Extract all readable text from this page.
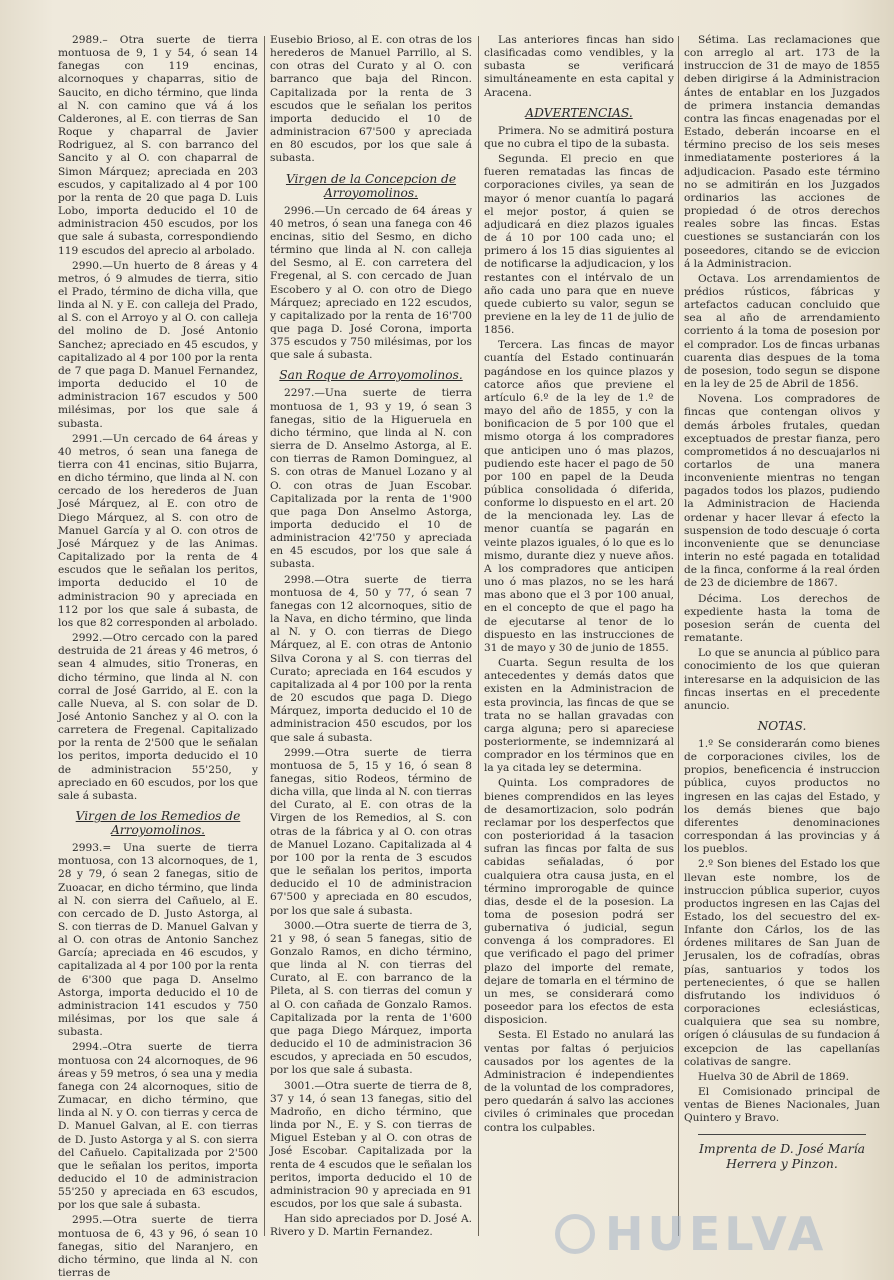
2989.– Otra suerte de tierra montuosa de 9, 1 y 54, ó sean 14 fanegas con 119 encinas, alcornoques y chaparras, sitio de Saucito, en dicho término, que linda al N. con camino que vá á los Calderones, al E. con tierras de San Roque y chaparral de Javier Rodriguez, al S. con barranco del Sancito y al O. con chaparral de Simon Márquez; apreciada en 203 escudos, y capitalizado al 4 por 100 por la renta de 20 que paga D. Luis Lobo, importa deducido el 10 de administracion 450 escudos, por los que sale á subasta, correspondiendo 119 escudos del aprecio al arbolado.

2990.—Un huerto de 8 áreas y 4 metros, ó 9 almudes de tierra, sitio el Prado, término de dicha villa, que linda al N. y E. con calleja del Prado, al S. con el Arroyo y al O. con calleja del molino de D. José Antonio Sanchez; apreciado en 45 escudos, y capitalizado al 4 por 100 por la renta de 7 que paga D. Manuel Fernandez, importa deducido el 10 de administracion 167 escudos y 500 milésimas, por los que sale á subasta.

2991.—Un cercado de 64 áreas y 40 metros, ó sean una fanega de tierra con 41 encinas, sitio Bujarra, en dicho término, que linda al N. con cercado de los herederos de Juan José Márquez, al E. con otro de Diego Márquez, al S. con otro de Manuel García y al O. con otros de José Márquez y de las Animas. Capitalizado por la renta de 4 escudos que le señalan los peritos, importa deducido el 10 de administracion 90 y apreciada en 112 por los que sale á subasta, de los que 82 corresponden al arbolado.

2992.—Otro cercado con la pared destruida de 21 áreas y 46 metros, ó sean 4 almudes, sitio Troneras, en dicho término, que linda al N. con corral de José Garrido, al E. con la calle Nueva, al S. con solar de D. José Antonio Sanchez y al O. con la carretera de Fregenal. Capitalizado por la renta de 2'500 que le señalan los peritos, importa deducido el 10 de administracion 55'250, y apreciado en 60 escudos, por los que sale á subasta.

Virgen de los Remedios de Arroyomolinos.

2993.= Una suerte de tierra montuosa, con 13 alcornoques, de 1, 28 y 79, ó sean 2 fanegas, sitio de Zuoacar, en dicho término, que linda al N. con sierra del Cañuelo, al E. con cercado de D. Justo Astorga, al S. con tierras de D. Manuel Galvan y al O. con otras de Antonio Sanchez García; apreciada en 46 escudos, y capitalizada al 4 por 100 por la renta de 6'300 que paga D. Anselmo Astorga, importa deducido el 10 de administracion 141 escudos y 750 milésimas, por los que sale á subasta.

2994.–Otra suerte de tierra montuosa con 24 alcornoques, de 96 áreas y 59 metros, ó sea una y media fanega con 24 alcornoques, sitio de Zumacar, en dicho término, que linda al N. y O. con tierras y cerca de D. Manuel Galvan, al E. con tierras de D. Justo Astorga y al S. con sierra del Cañuelo. Capitalizada por 2'500 que le señalan los peritos, importa deducido el 10 de administracion 55'250 y apreciada en 63 escudos, por los que sale á subasta.

2995.—Otra suerte de tierra montuosa de 6, 43 y 96, ó sean 10 fanegas, sitio del Naranjero, en dicho término, que linda al N. con tierras de

Eusebio Brioso, al E. con otras de los herederos de Manuel Parrillo, al S. con otras del Curato y al O. con barranco que baja del Rincon. Capitalizada por la renta de 3 escudos que le señalan los peritos importa deducido el 10 de administracion 67'500 y apreciada en 80 escudos, por los que sale á subasta.

Virgen de la Concepcion de Arroyomolinos.

2996.—Un cercado de 64 áreas y 40 metros, ó sean una fanega con 46 encinas, sitio del Sesmo, en dicho término que linda al N. con calleja del Sesmo, al E. con carretera del Fregenal, al S. con cercado de Juan Escobero y al O. con otro de Diego Márquez; apreciado en 122 escudos, y capitalizado por la renta de 16'700 que paga D. José Corona, importa 375 escudos y 750 milésimas, por los que sale á subasta.

San Roque de Arroyomolinos.

2297.—Una suerte de tierra montuosa de 1, 93 y 19, ó sean 3 fanegas, sitio de la Higueruela en dicho término, que linda al N. con sierra de D. Anselmo Astorga, al E. con tierras de Ramon Dominguez, al S. con otras de Manuel Lozano y al O. con otras de Juan Escobar. Capitalizada por la renta de 1'900 que paga Don Anselmo Astorga, importa deducido el 10 de administracion 42'750 y apreciada en 45 escudos, por los que sale á subasta.

2998.—Otra suerte de tierra montuosa de 4, 50 y 77, ó sean 7 fanegas con 12 alcornoques, sitio de la Nava, en dicho término, que linda al N. y O. con tierras de Diego Márquez, al E. con otras de Antonio Silva Corona y al S. con tierras del Curato; apreciada en 164 escudos y capitalizada al 4 por 100 por la renta de 20 escudos que paga D. Diego Márquez, importa deducido el 10 de administracion 450 escudos, por los que sale á subasta.

2999.—Otra suerte de tierra montuosa de 5, 15 y 16, ó sean 8 fanegas, sitio Rodeos, término de dicha villa, que linda al N. con tierras del Curato, al E. con otras de la Virgen de los Remedios, al S. con otras de la fábrica y al O. con otras de Manuel Lozano. Capitalizada al 4 por 100 por la renta de 3 escudos que le señalan los peritos, importa deducido el 10 de administracion 67'500 y apreciada en 80 escudos, por los que sale á subasta.

3000.—Otra suerte de tierra de 3, 21 y 98, ó sean 5 fanegas, sitio de Gonzalo Ramos, en dicho término, que linda al N. con tierras del Curato, al E. con barranco de la Pileta, al S. con tierras del comun y al O. con cañada de Gonzalo Ramos. Capitalizada por la renta de 1'600 que paga Diego Márquez, importa deducido el 10 de administracion 36 escudos, y apreciada en 50 escudos, por los que sale á subasta.

3001.—Otra suerte de tierra de 8, 37 y 14, ó sean 13 fanegas, sitio del Madroño, en dicho término, que linda por N., E. y S. con tierras de Miguel Esteban y al O. con otras de José Escobar. Capitalizada por la renta de 4 escudos que le señalan los peritos, importa deducido el 10 de administracion 90 y apreciada en 91 escudos, por los que sale á subasta.

Han sido apreciados por D. José A. Rivero y D. Martin Fernandez.

Las anteriores fincas han sido clasificadas como vendibles, y la subasta se verificará simultáneamente en esta capital y Aracena.

ADVERTENCIAS.

Primera. No se admitirá postura que no cubra el tipo de la subasta.

Segunda. El precio en que fueren rematadas las fincas de corporaciones civiles, ya sean de mayor ó menor cuantía lo pagará el mejor postor, á quien se adjudicará en diez plazos iguales de á 10 por 100 cada uno; el primero á los 15 dias siguientes al de notificarse la adjudicacion, y los restantes con el intérvalo de un año cada uno para que en nueve quede cubierto su valor, segun se previene en la ley de 11 de julio de 1856.

Tercera. Las fincas de mayor cuantía del Estado continuarán pagándose en los quince plazos y catorce años que previene el artículo 6.º de la ley de 1.º de mayo del año de 1855, y con la bonificacion de 5 por 100 que el mismo otorga á los compradores que anticipen uno ó mas plazos, pudiendo este hacer el pago de 50 por 100 en papel de la Deuda pública consolidada ó diferida, conforme lo dispuesto en el art. 20 de la mencionada ley. Las de menor cuantía se pagarán en veinte plazos iguales, ó lo que es lo mismo, durante diez y nueve años. A los compradores que anticipen uno ó mas plazos, no se les hará mas abono que el 3 por 100 anual, en el concepto de que el pago ha de ejecutarse al tenor de lo dispuesto en las instrucciones de 31 de mayo y 30 de junio de 1855.

Cuarta. Segun resulta de los antecedentes y demás datos que existen en la Administracion de esta provincia, las fincas de que se trata no se hallan gravadas con carga alguna; pero si apareciese posteriormente, se indemnizará al comprador en los términos que en la ya citada ley se determina.

Quinta. Los compradores de bienes comprendidos en las leyes de desamortizacion, solo podrán reclamar por los desperfectos que con posterioridad á la tasacion sufran las fincas por falta de sus cabidas señaladas, ó por cualquiera otra causa justa, en el término improrogable de quince dias, desde el de la posesion. La toma de posesion podrá ser gubernativa ó judicial, segun convenga á los compradores. El que verificado el pago del primer plazo del importe del remate, dejare de tomarla en el término de un mes, se considerará como poseedor para los efectos de esta disposicion.

Sesta. El Estado no anulará las ventas por faltas ó perjuicios causados por los agentes de la Administracion é independientes de la voluntad de los compradores, pero quedarán á salvo las acciones civiles ó criminales que procedan contra los culpables.

Sétima. Las reclamaciones que con arreglo al art. 173 de la instruccion de 31 de mayo de 1855 deben dirigirse á la Administracion ántes de entablar en los Juzgados de primera instancia demandas contra las fincas enagenadas por el Estado, deberán incoarse en el término preciso de los seis meses inmediatamente posteriores á la adjudicacion. Pasado este término no se admitirán en los Juzgados ordinarios las acciones de propiedad ó de otros derechos reales sobre las fincas. Estas cuestiones se sustanciarán con los poseedores, citando se de eviccion á la Administracion.

Octava. Los arrendamientos de prédios rústicos, fábricas y artefactos caducan concluido que sea al año de arrendamiento corriento á la toma de posesion por el comprador. Los de fincas urbanas cuarenta dias despues de la toma de posesion, todo segun se dispone en la ley de 25 de Abril de 1856.

Novena. Los compradores de fincas que contengan olivos y demás árboles frutales, quedan exceptuados de prestar fianza, pero comprometidos á no descuajarlos ni cortarlos de una manera inconveniente mientras no tengan pagados todos los plazos, pudiendo la Administracion de Hacienda ordenar y hacer llevar á efecto la suspension de todo descuaje ó corta inconveniente que se denunciase interin no esté pagada en totalidad de la finca, conforme á la real órden de 23 de diciembre de 1867.

Décima. Los derechos de expediente hasta la toma de posesion serán de cuenta del rematante.

Lo que se anuncia al público para conocimiento de los que quieran interesarse en la adquisicion de las fincas insertas en el precedente anuncio.

NOTAS.

1.º Se considerarán como bienes de corporaciones civiles, los de propios, beneficencia é instruccion pública, cuyos productos no ingresen en las cajas del Estado, y los demás bienes que bajo diferentes denominaciones correspondan á las provincias y á los pueblos.

2.º Son bienes del Estado los que llevan este nombre, los de instruccion pública superior, cuyos productos ingresen en las Cajas del Estado, los del secuestro del ex-Infante don Cárlos, los de las órdenes militares de San Juan de Jerusalen, los de cofradías, obras pías, santuarios y todos los pertenecientes, ó que se hallen disfrutando los individuos ó corporaciones eclesiásticas, cualquiera que sea su nombre, orígen ó cláusulas de su fundacion á excepcion de las capellanías colativas de sangre.

Huelva 30 de Abril de 1869.

El Comisionado principal de ventas de Bienes Nacionales, Juan Quintero y Bravo.

Imprenta de D. José María Herrera y Pinzon.
HUELVA
